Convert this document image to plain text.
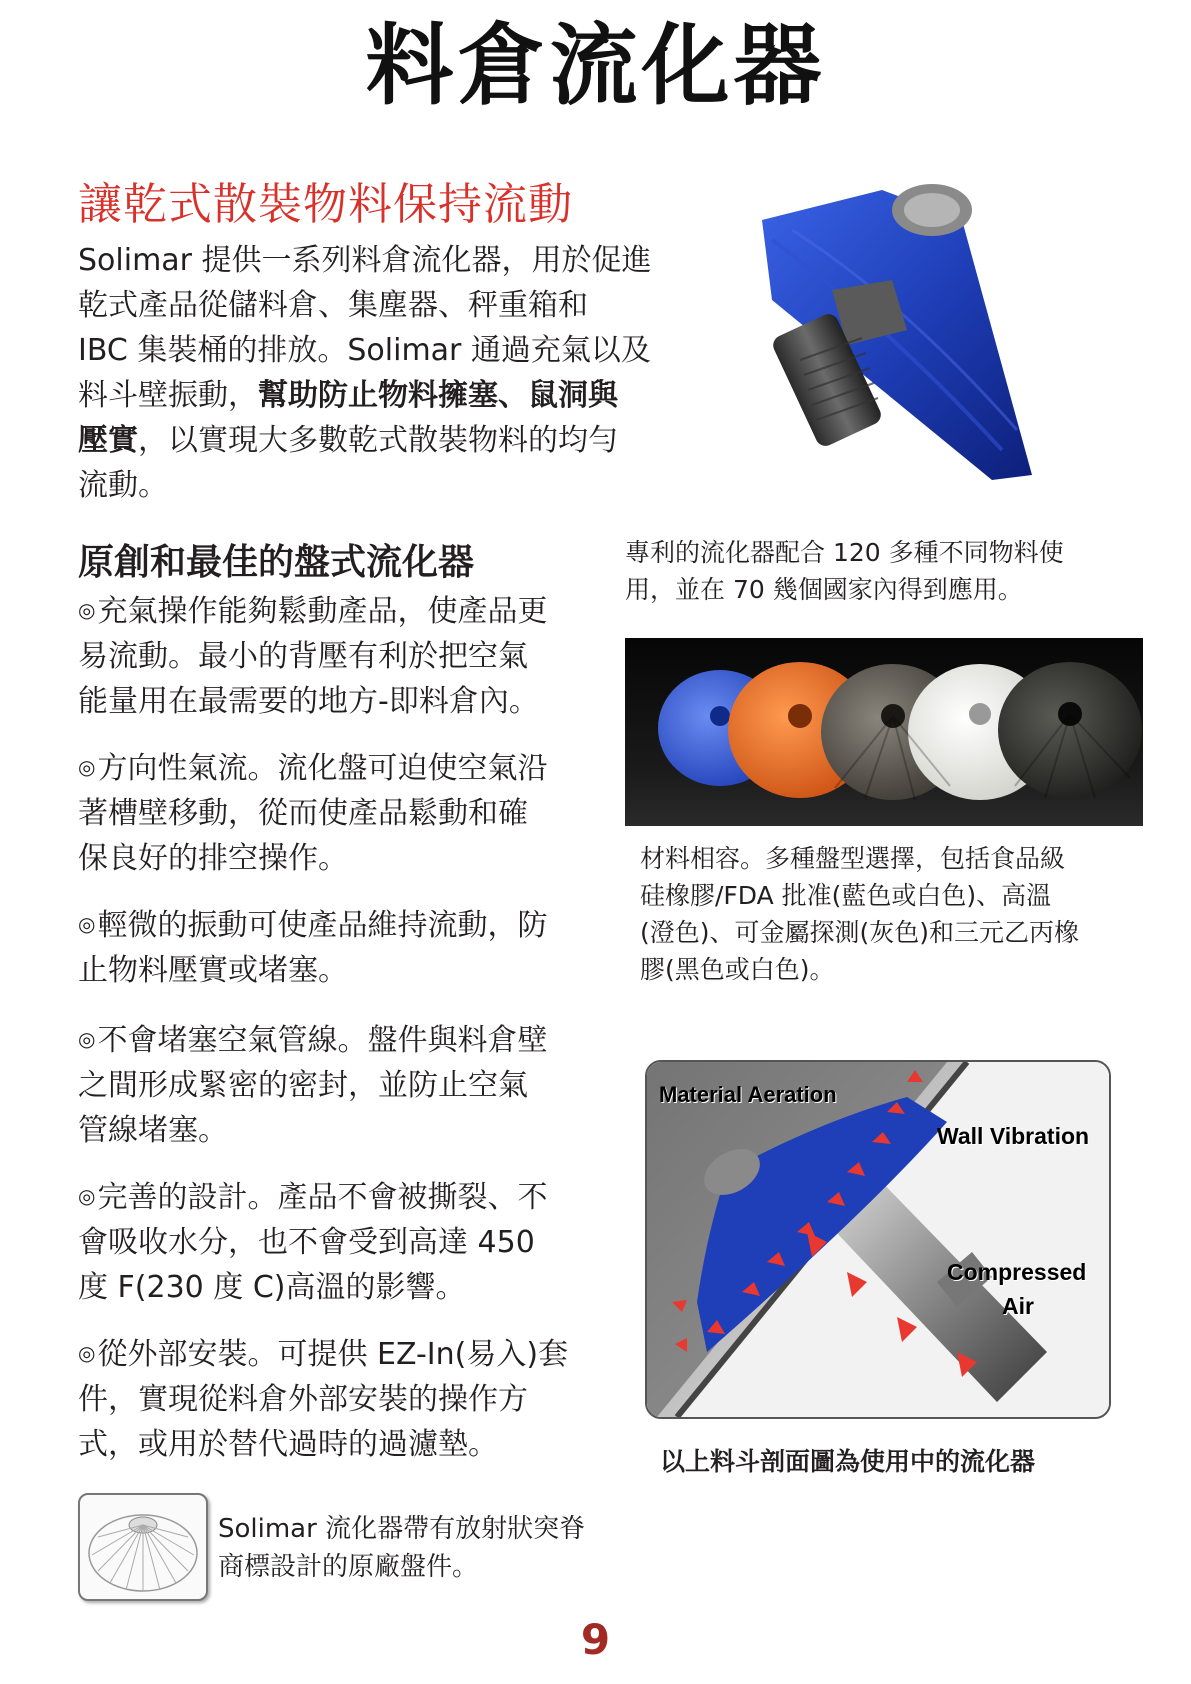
料倉流化器
讓乾式散裝物料保持流動
Solimar 提供一系列料倉流化器，用於促進
乾式產品從儲料倉、集塵器、秤重箱和
IBC 集裝桶的排放。Solimar 通過充氣以及
料斗壁振動，幫助防止物料擁塞、鼠洞與
壓實，以實現大多數乾式散裝物料的均勻
流動。
原創和最佳的盤式流化器
◎充氣操作能夠鬆動產品，使產品更
易流動。最小的背壓有利於把空氣
能量用在最需要的地方-即料倉內。
◎方向性氣流。流化盤可迫使空氣沿
著槽壁移動，從而使產品鬆動和確
保良好的排空操作。
◎輕微的振動可使產品維持流動，防
止物料壓實或堵塞。
◎不會堵塞空氣管線。盤件與料倉壁
之間形成緊密的密封，並防止空氣
管線堵塞。
◎完善的設計。產品不會被撕裂、不
會吸收水分，也不會受到高達 450
度 F(230 度 C)高溫的影響。
◎從外部安裝。可提供 EZ-In(易入)套
件，實現從料倉外部安裝的操作方
式，或用於替代過時的過濾墊。
專利的流化器配合 120 多種不同物料使
用，並在 70 幾個國家內得到應用。
材料相容。多種盤型選擇，包括食品級
硅橡膠/FDA 批准(藍色或白色)、高溫
(澄色)、可金屬探測(灰色)和三元乙丙橡
膠(黑色或白色)。
Material Aeration
Wall Vibration
Compressed
Air
以上料斗剖面圖為使用中的流化器
Solimar 流化器帶有放射狀突脊
商標設計的原廠盤件。
9
